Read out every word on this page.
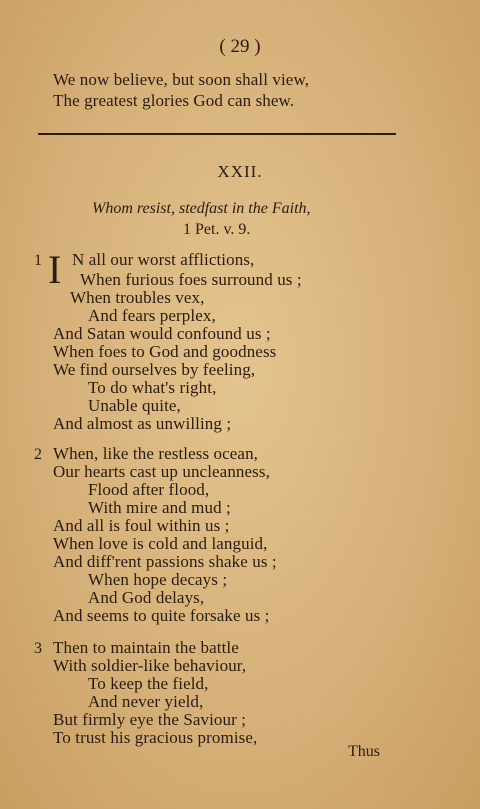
( 29 )
We now believe, but soon shall view,
The greatest glories God can shew.
XXII.
Whom resist, stedfast in the Faith,
1 Pet. v. 9.
1 I N all our worst afflictions,
When furious foes surround us ;
When troubles vex,
And fears perplex,
And Satan would confound us ;
When foes to God and goodness
We find ourselves by feeling,
To do what's right,
Unable quite,
And almost as unwilling ;
2 When, like the restless ocean,
Our hearts cast up uncleanness,
Flood after flood,
With mire and mud ;
And all is foul within us ;
When love is cold and languid,
And diff'rent passions shake us ;
When hope decays ;
And God delays,
And seems to quite forsake us ;
3 Then to maintain the battle
With soldier-like behaviour,
To keep the field,
And never yield,
But firmly eye the Saviour ;
To trust his gracious promise,
Thus
